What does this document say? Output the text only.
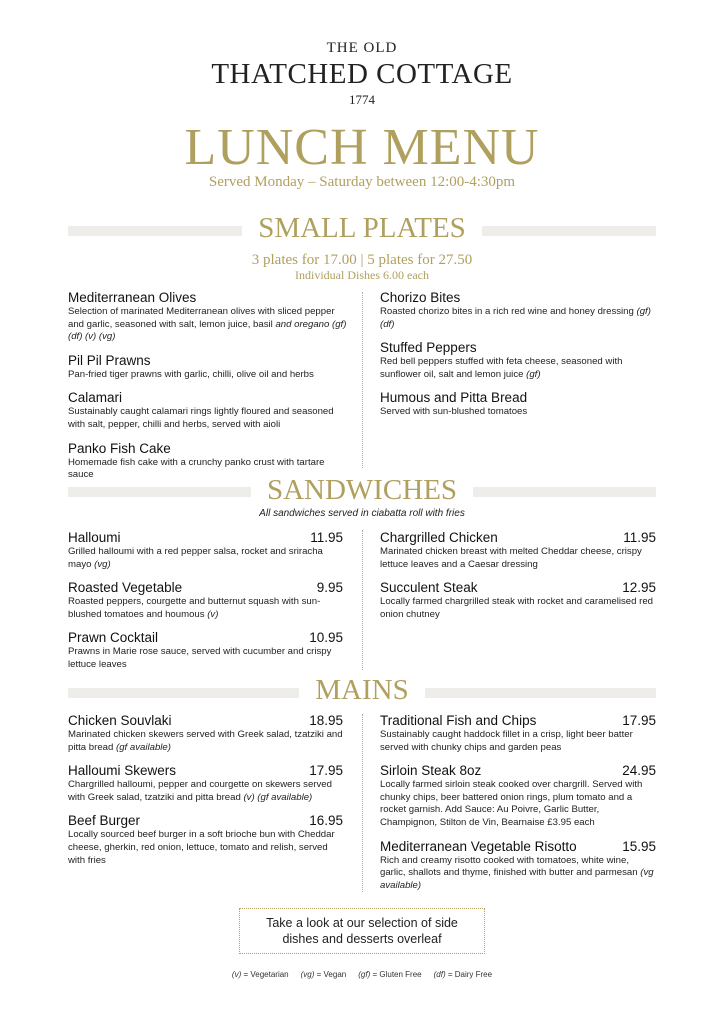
THE OLD
THATCHED COTTAGE
1774
LUNCH MENU
Served Monday – Saturday between 12:00-4:30pm
SMALL PLATES
3 plates for 17.00 | 5 plates for 27.50
Individual Dishes 6.00 each
Mediterranean Olives
Selection of marinated Mediterranean olives with sliced pepper and garlic, seasoned with salt, lemon juice, basil and oregano (gf) (df) (v) (vg)
Pil Pil Prawns
Pan-fried tiger prawns with garlic, chilli, olive oil and herbs
Calamari
Sustainably caught calamari rings lightly floured and seasoned with salt, pepper, chilli and herbs, served with aioli
Panko Fish Cake
Homemade fish cake with a crunchy panko crust with tartare sauce
Chorizo Bites
Roasted chorizo bites in a rich red wine and honey dressing (gf) (df)
Stuffed Peppers
Red bell peppers stuffed with feta cheese, seasoned with sunflower oil, salt and lemon juice (gf)
Humous and Pitta Bread
Served with sun-blushed tomatoes
SANDWICHES
All sandwiches served in ciabatta roll with fries
Halloumi	11.95
Grilled halloumi with a red pepper salsa, rocket and sriracha mayo (vg)
Roasted Vegetable	9.95
Roasted peppers, courgette and butternut squash with sun-blushed tomatoes and houmous (v)
Prawn Cocktail	10.95
Prawns in Marie rose sauce, served with cucumber and crispy lettuce leaves
Chargrilled Chicken	11.95
Marinated chicken breast with melted Cheddar cheese, crispy lettuce leaves and a Caesar dressing
Succulent Steak	12.95
Locally farmed chargrilled steak with rocket and caramelised red onion chutney
MAINS
Chicken Souvlaki	18.95
Marinated chicken skewers served with Greek salad, tzatziki and pitta bread (gf available)
Halloumi Skewers	17.95
Chargrilled halloumi, pepper and courgette on skewers served with Greek salad, tzatziki and pitta bread (v) (gf available)
Beef Burger	16.95
Locally sourced beef burger in a soft brioche bun with Cheddar cheese, gherkin, red onion, lettuce, tomato and relish, served with fries
Traditional Fish and Chips	17.95
Sustainably caught haddock fillet in a crisp, light beer batter served with chunky chips and garden peas
Sirloin Steak 8oz	24.95
Locally farmed sirloin steak cooked over chargrill. Served with chunky chips, beer battered onion rings, plum tomato and a rocket garnish. Add Sauce: Au Poivre, Garlic Butter, Champignon, Stilton de Vin, Bearnaise £3.95 each
Mediterranean Vegetable Risotto	15.95
Rich and creamy risotto cooked with tomatoes, white wine, garlic, shallots and thyme, finished with butter and parmesan (vg available)
Take a look at our selection of side
dishes and desserts overleaf
(v) = Vegetarian (vg) = Vegan (gf) = Gluten Free (df) = Dairy Free
